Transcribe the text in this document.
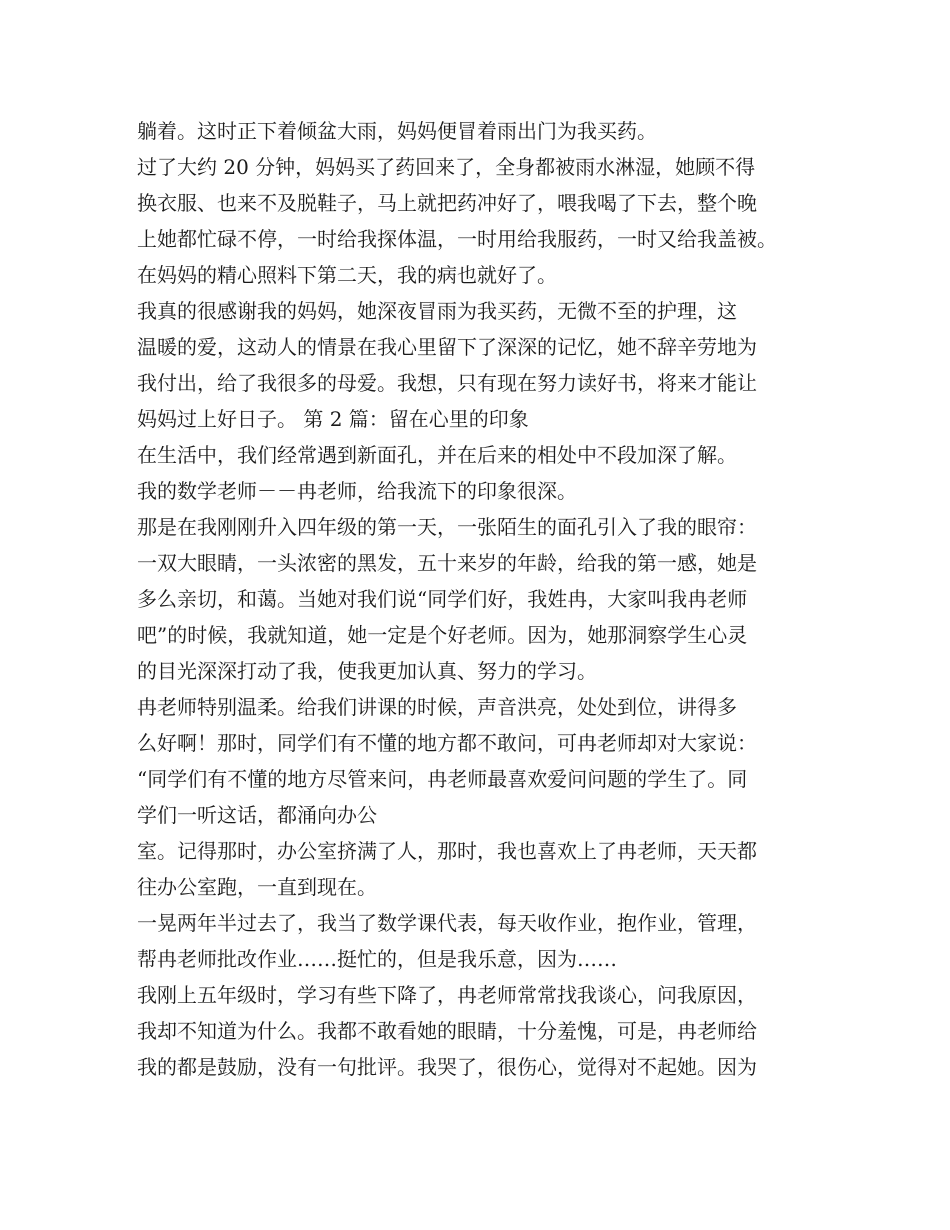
躺着。这时正下着倾盆大雨，妈妈便冒着雨出门为我买药。
过了大约 20 分钟，妈妈买了药回来了，全身都被雨水淋湿，她顾不得
换衣服、也来不及脱鞋子，马上就把药冲好了，喂我喝了下去，整个晚
上她都忙碌不停，一时给我探体温，一时用给我服药，一时又给我盖被。
在妈妈的精心照料下第二天，我的病也就好了。
我真的很感谢我的妈妈，她深夜冒雨为我买药，无微不至的护理，这
温暖的爱，这动人的情景在我心里留下了深深的记忆，她不辞辛劳地为
我付出，给了我很多的母爱。我想，只有现在努力读好书，将来才能让
妈妈过上好日子。 第 2 篇：留在心里的印象
在生活中，我们经常遇到新面孔，并在后来的相处中不段加深了解。
我的数学老师－－冉老师，给我流下的印象很深。
那是在我刚刚升入四年级的第一天，一张陌生的面孔引入了我的眼帘：
一双大眼睛，一头浓密的黑发，五十来岁的年龄，给我的第一感，她是
多么亲切，和蔼。当她对我们说“同学们好，我姓冉，大家叫我冉老师
吧”的时候，我就知道，她一定是个好老师。因为，她那洞察学生心灵
的目光深深打动了我，使我更加认真、努力的学习。
冉老师特别温柔。给我们讲课的时候，声音洪亮，处处到位，讲得多
么好啊！那时，同学们有不懂的地方都不敢问，可冉老师却对大家说：
“同学们有不懂的地方尽管来问，冉老师最喜欢爱问问题的学生了。同
学们一听这话，都涌向办公
室。记得那时，办公室挤满了人，那时，我也喜欢上了冉老师，天天都
往办公室跑，一直到现在。
一晃两年半过去了，我当了数学课代表，每天收作业，抱作业，管理，
帮冉老师批改作业……挺忙的，但是我乐意，因为……
我刚上五年级时，学习有些下降了，冉老师常常找我谈心，问我原因，
我却不知道为什么。我都不敢看她的眼睛，十分羞愧，可是，冉老师给
我的都是鼓励，没有一句批评。我哭了，很伤心，觉得对不起她。因为
